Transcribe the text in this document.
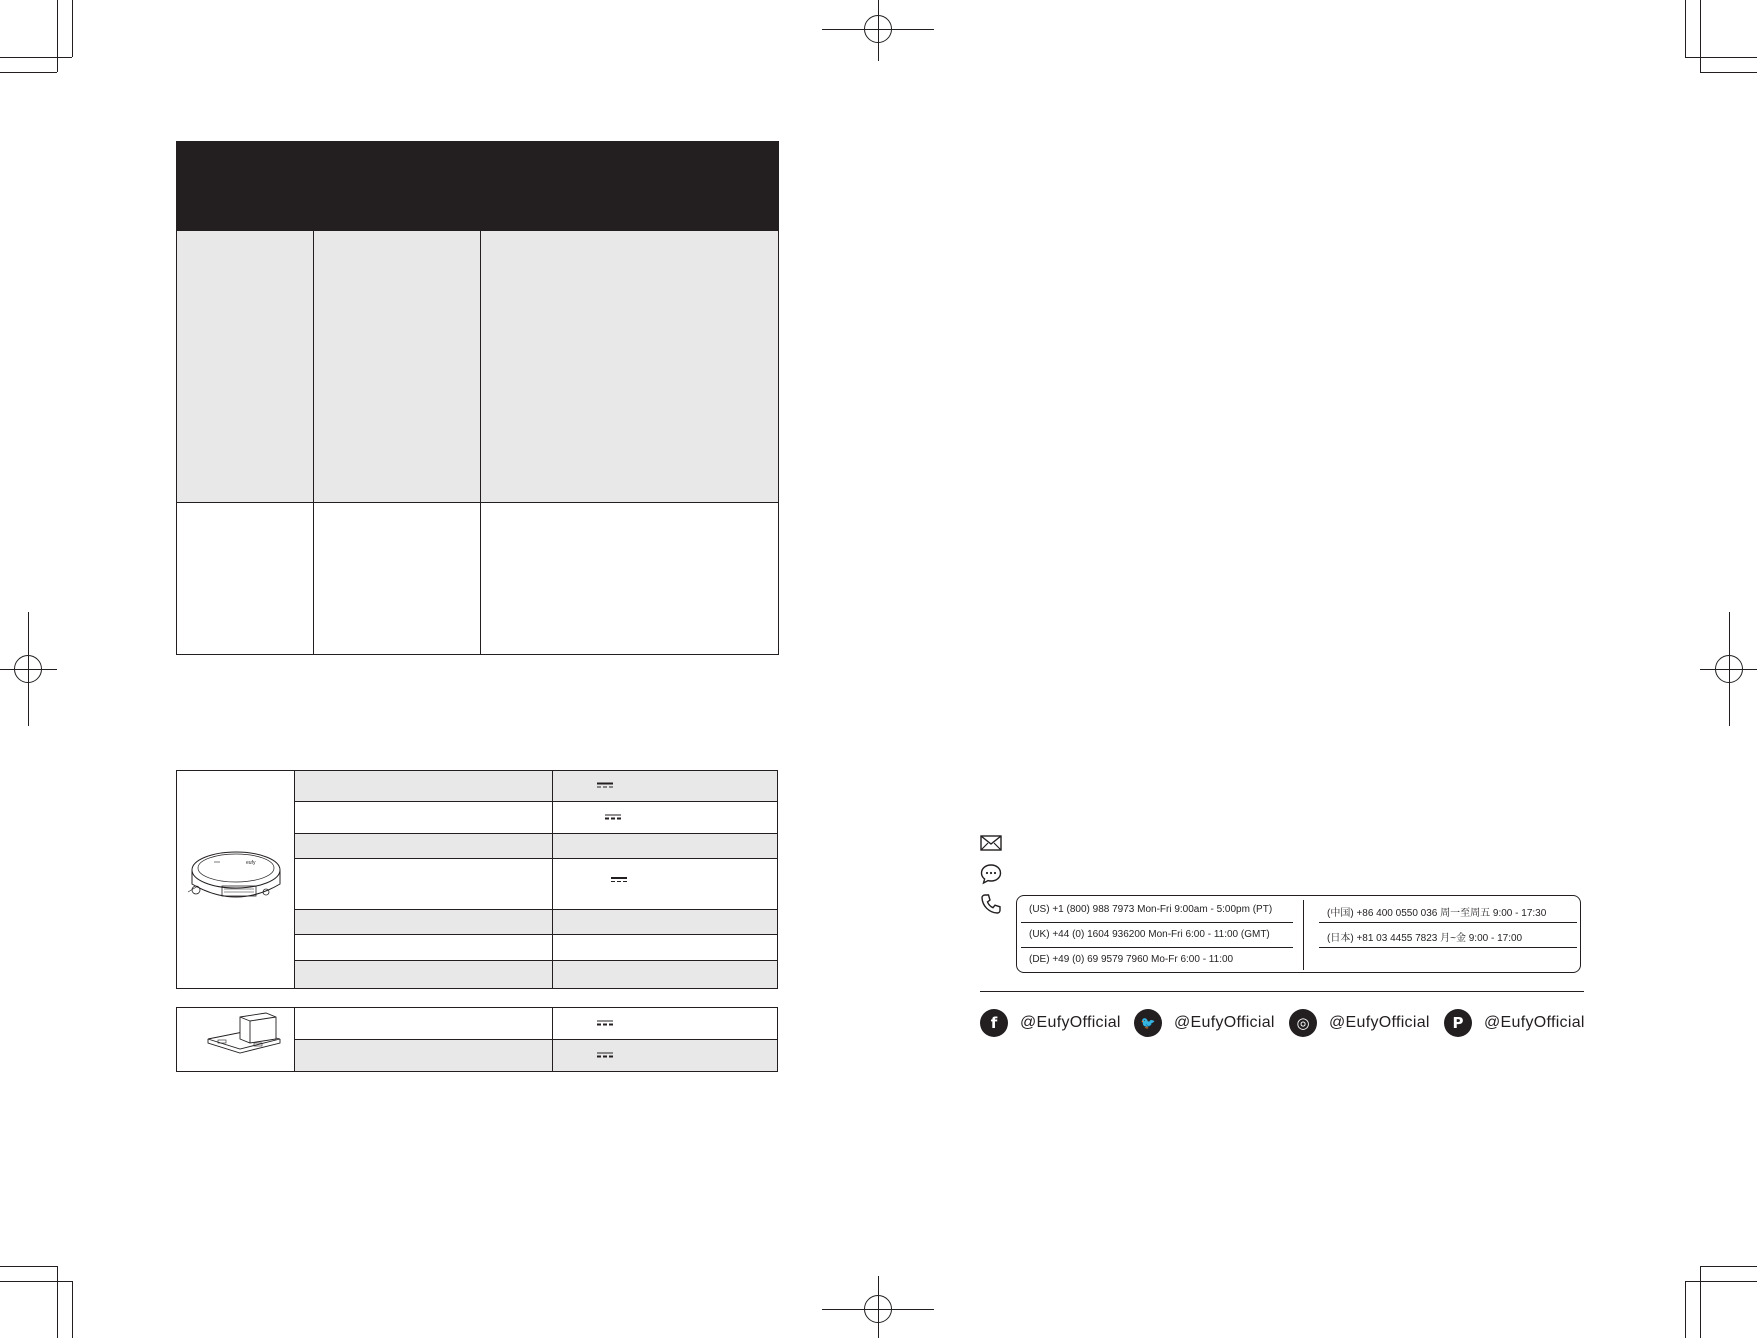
eufy		

(US) +1 (800) 988 7973 Mon-Fri 9:00am - 5:00pm (PT)
(UK) +44 (0) 1604 936200 Mon-Fri 6:00 - 11:00 (GMT)
(DE) +49 (0) 69 9579 7960 Mo-Fr 6:00 - 11:00
(中国) +86 400 0550 036 周一至周五 9:00 - 17:30
(日本) +81 03 4455 7823 月~金 9:00 - 17:00
f	@EufyOfficial	🐦	@EufyOfficial	◎	@EufyOfficial	P	@EufyOfficial
